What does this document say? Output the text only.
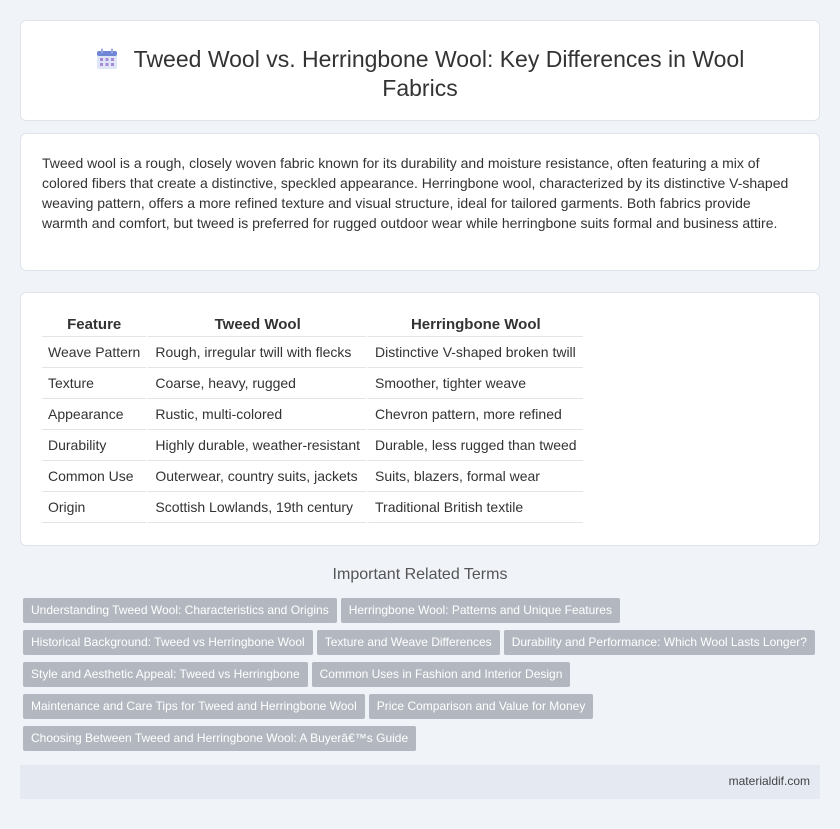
Tweed Wool vs. Herringbone Wool: Key Differences in Wool Fabrics

Tweed wool is a rough, closely woven fabric known for its durability and moisture resistance, often featuring a mix of colored fibers that create a distinctive, speckled appearance. Herringbone wool, characterized by its distinctive V-shaped weaving pattern, offers a more refined texture and visual structure, ideal for tailored garments. Both fabrics provide warmth and comfort, but tweed is preferred for rugged outdoor wear while herringbone suits formal and business attire.

Feature	Tweed Wool	Herringbone Wool
Weave Pattern	Rough, irregular twill with flecks	Distinctive V-shaped broken twill
Texture	Coarse, heavy, rugged	Smoother, tighter weave
Appearance	Rustic, multi-colored	Chevron pattern, more refined
Durability	Highly durable, weather-resistant	Durable, less rugged than tweed
Common Use	Outerwear, country suits, jackets	Suits, blazers, formal wear
Origin	Scottish Lowlands, 19th century	Traditional British textile
Important Related Terms
Understanding Tweed Wool: Characteristics and Origins Herringbone Wool: Patterns and Unique Features
Historical Background: Tweed vs Herringbone Wool Texture and Weave Differences Durability and Performance: Which Wool Lasts Longer?
Style and Aesthetic Appeal: Tweed vs Herringbone Common Uses in Fashion and Interior Design
Maintenance and Care Tips for Tweed and Herringbone Wool Price Comparison and Value for Money
Choosing Between Tweed and Herringbone Wool: A Buyerâ€™s Guide
materialdif.com
